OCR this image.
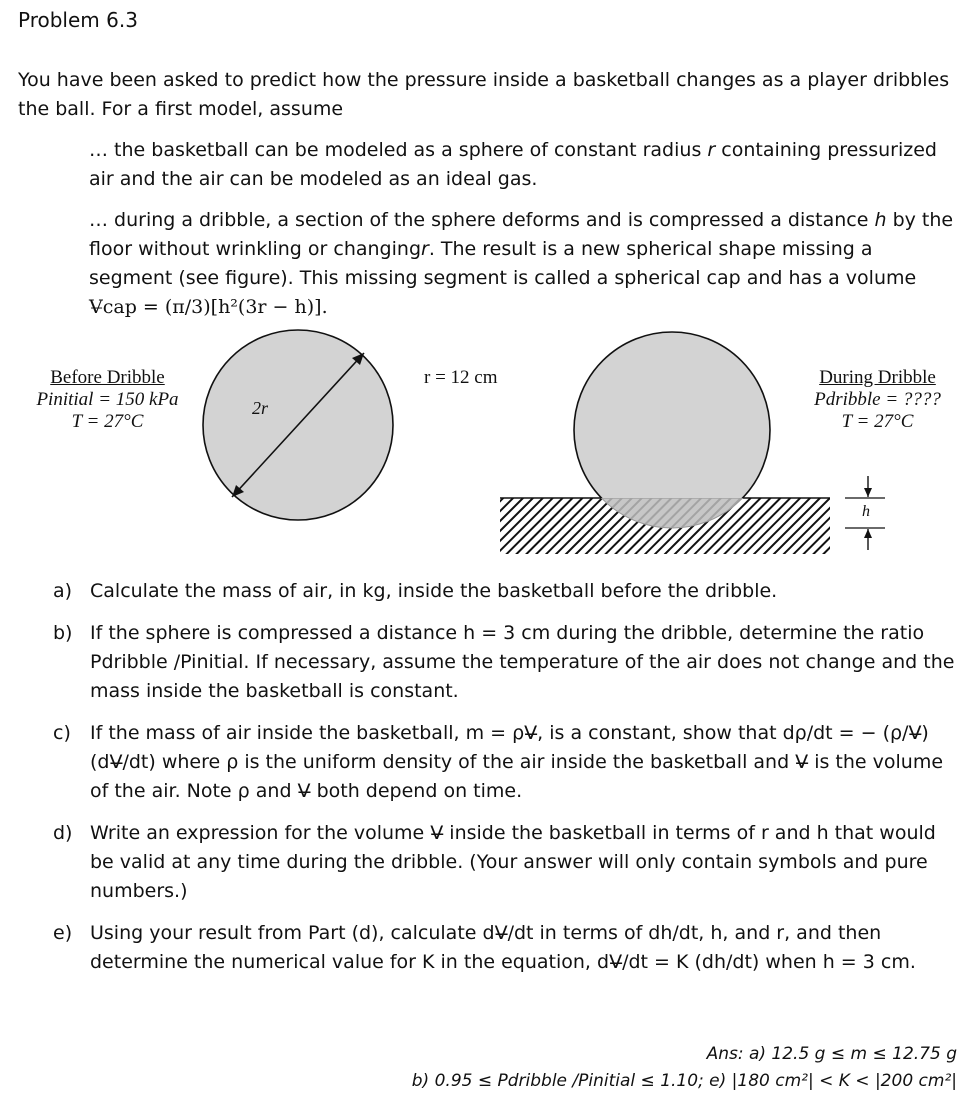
Problem 6.3
You have been asked to predict how the pressure inside a basketball changes as a player dribbles the ball. For a first model, assume
… the basketball can be modeled as a sphere of constant radius r containing pressurized air and the air can be modeled as an ideal gas.
… during a dribble, a section of the sphere deforms and is compressed a distance h by the floor without wrinkling or changingr. The result is a new spherical shape missing a segment (see figure). This missing segment is called a spherical cap and has a volume
V̶cap = (π/3)[h²(3r − h)].
Before Dribble
Pinitial = 150 kPa
T = 27°C
2r
r = 12 cm	During Dribble
Pdribble = ????
T = 27°C
h
a) Calculate the mass of air, in kg, inside the basketball before the dribble.
b) If the sphere is compressed a distance h = 3 cm during the dribble, determine the ratio Pdribble /Pinitial. If necessary, assume the temperature of the air does not change and the mass inside the basketball is constant.
c) If the mass of air inside the basketball, m = ρV̶, is a constant, show that dρ/dt = − (ρ/V̶)(dV̶/dt) where ρ is the uniform density of the air inside the basketball and V̶ is the volume of the air. Note ρ and V̶ both depend on time.
d) Write an expression for the volume V̶ inside the basketball in terms of r and h that would be valid at any time during the dribble. (Your answer will only contain symbols and pure numbers.)
e) Using your result from Part (d), calculate dV̶/dt in terms of dh/dt, h, and r, and then determine the numerical value for K in the equation, dV̶/dt = K (dh/dt) when h = 3 cm.
Ans: a) 12.5 g ≤ m ≤ 12.75 g
b) 0.95 ≤ Pdribble /Pinitial ≤ 1.10; e) |180 cm²| < K < |200 cm²|
